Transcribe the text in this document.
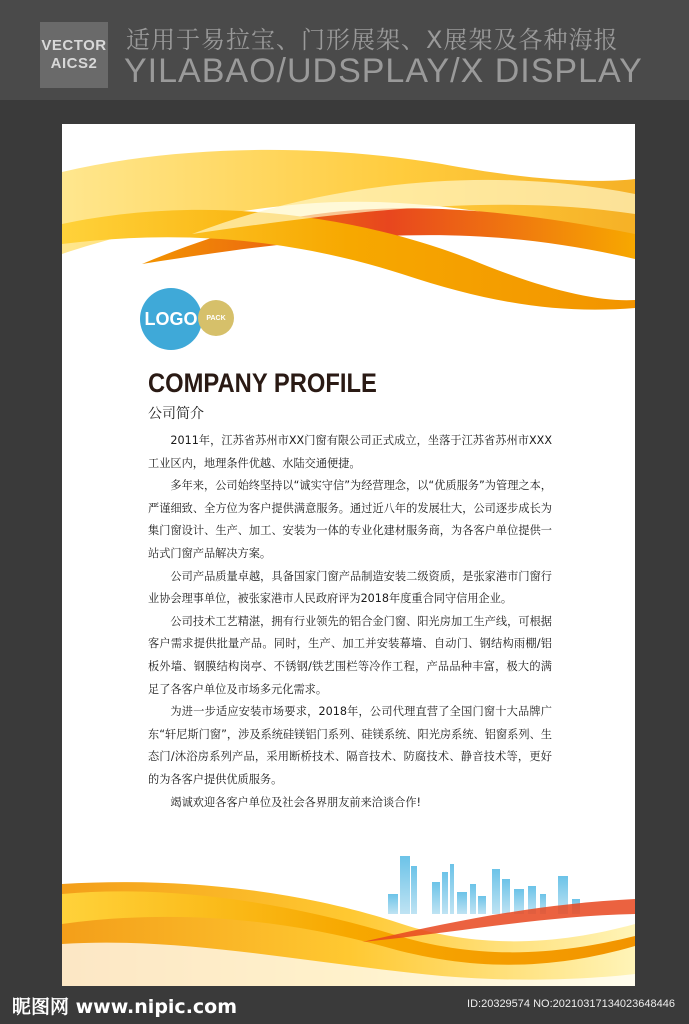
VECTOR
AICS2
适用于易拉宝、门形展架、X展架及各种海报
YILABAO/UDSPLAY/X DISPLAY
LOGO	PACK
COMPANY PROFILE
公司简介

2011年，江苏省苏州市XX门窗有限公司正式成立，坐落于江苏省苏州市XXX工业区内，地理条件优越、水陆交通便捷。

多年来，公司始终坚持以“诚实守信”为经营理念，以“优质服务”为管理之本，严谨细致、全方位为客户提供满意服务。通过近八年的发展壮大，公司逐步成长为集门窗设计、生产、加工、安装为一体的专业化建材服务商，为各客户单位提供一站式门窗产品解决方案。

公司产品质量卓越，具备国家门窗产品制造安装二级资质，是张家港市门窗行业协会理事单位，被张家港市人民政府评为2018年度重合同守信用企业。

公司技术工艺精湛，拥有行业领先的铝合金门窗、阳光房加工生产线，可根据客户需求提供批量产品。同时，生产、加工并安装幕墙、自动门、钢结构雨棚/铝板外墙、钢膜结构岗亭、不锈钢/铁艺围栏等冷作工程，产品品种丰富，极大的满足了各客户单位及市场多元化需求。

为进一步适应安装市场要求，2018年，公司代理直营了全国门窗十大品牌广东“轩尼斯门窗”，涉及系统硅镁铝门系列、硅镁系统、阳光房系统、铝窗系列、生态门/沐浴房系列产品，采用断桥技术、隔音技术、防腐技术、静音技术等，更好的为各客户提供优质服务。

竭诚欢迎各客户单位及社会各界朋友前来洽谈合作!

昵图网 www.nipic.com	ID:20329574 NO:20210317134023648446
